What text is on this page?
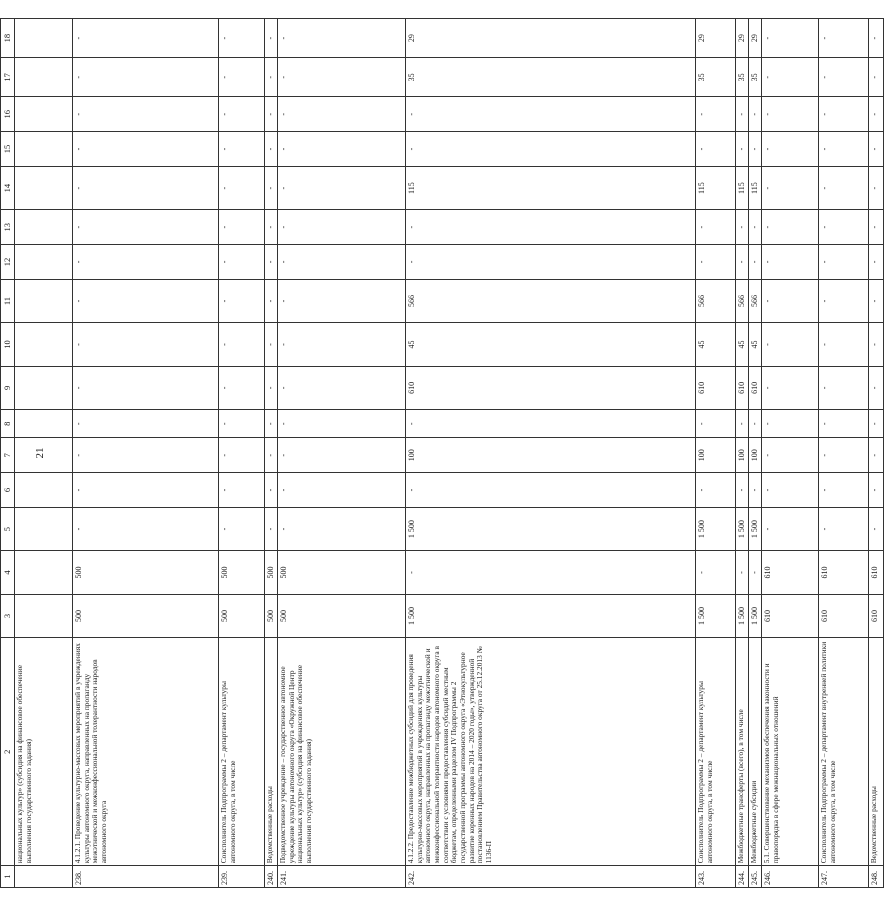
21
1	2	3	4	5	6	7	8	9	10	11	12	13	14	15	16	17	18
	национальных культур» (субсидия на финансовое обеспечение выполнения государственного задания)																
238.	4.1.2.1. Проведение культурно-массовых мероприятий в учреждениях культуры автономного округа, направленных на пропаганду межэтнической и межконфессиональной толерантности народов автономного округа	500	500	-	-	-	-	-	-	-	-	-	-	-	-	-	-
239.	Соисполнитель Подпрограммы 2 – департамент культуры автономного округа, в том числе	500	500	-	-	-	-	-	-	-	-	-	-	-	-	-	-
240.	Ведомственные расходы	500	500	-	-	-	-	-	-	-	-	-	-	-	-	-	-
241.	Подведомственное учреждение – государственное автономное учреждение культуры автономного округа «Окружной Центр национальных культур» (субсидия на финансовое обеспечение выполнения государственного задания)	500	500	-	-	-	-	-	-	-	-	-	-	-	-	-	-
242.	4.1.2.2. Предоставление межбюджетных субсидий для проведения культурно-массовых мероприятий в учреждениях культуры автономного округа, направленных на пропаганду межэтнической и межконфессиональной толерантности народов автономного округа в соответствии с условиями предоставления субсидий местным бюджетам, определенными разделом IV Подпрограммы 2 государственной программы автономного округа «Этнокультурное развитие коренных народов на 2014 – 2020 годы», утвержденной постановлением Правительства автономного округа от 25.12.2013 № 1136-П	1 500	-	1 500	-	100	-	610	45	566	-	-	115	-	-	35	29
243.	Соисполнитель Подпрограммы 2 – департамент культуры автономного округа, в том числе	1 500	-	1 500	-	100	-	610	45	566	-	-	115	-	-	35	29
244.	Межбюджетные трансферты (всего), в том числе	1 500	-	1 500	-	100	-	610	45	566	-	-	115	-	-	35	29
245.	Межбюджетные субсидии	1 500	-	1 500	-	100	-	610	45	566	-	-	115	-	-	35	29
246.	5.1. Совершенствование механизмов обеспечения законности и правопорядка в сфере межнациональных отношений	610	610	-	-	-	-	-	-	-	-	-	-	-	-	-	-
247.	Соисполнитель Подпрограммы 2 – департамент внутренней политики автономного округа, в том числе	610	610	-	-	-	-	-	-	-	-	-	-	-	-	-	-
248.	Ведомственные расходы	610	610	-	-	-	-	-	-	-	-	-	-	-	-	-	-
